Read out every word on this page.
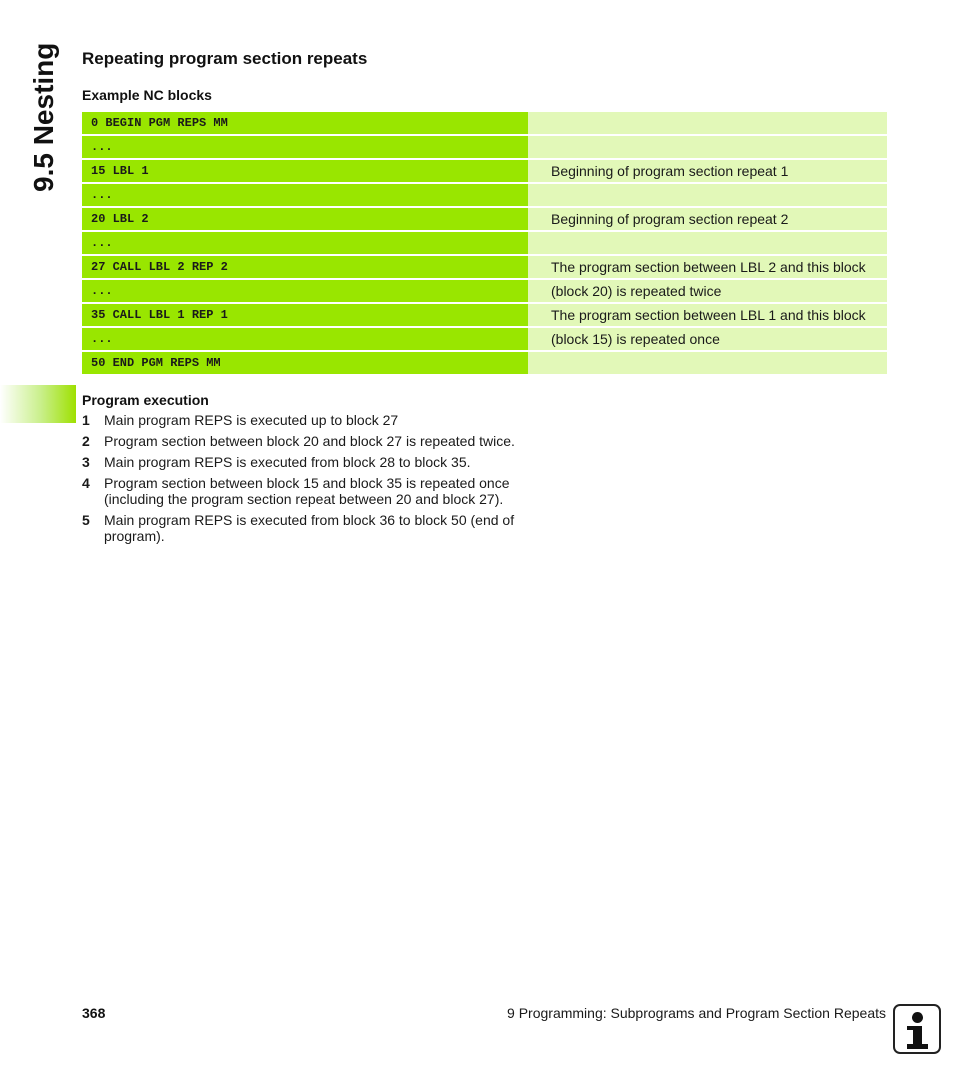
9.5 Nesting Repeating program section repeats
Example NC blocks
0 BEGIN PGM REPS MM
...
15 LBL 1	Beginning of program section repeat 1
...
20 LBL 2	Beginning of program section repeat 2
...
27 CALL LBL 2 REP 2	The program section between LBL 2 and this block
...	(block 20) is repeated twice
35 CALL LBL 1 REP 1	The program section between LBL 1 and this block
...	(block 15) is repeated once
50 END PGM REPS MM
Program execution
1	Main program REPS is executed up to block 27
2	Program section between block 20 and block 27 is repeated twice.
3	Main program REPS is executed from block 28 to block 35.
4	Program section between block 15 and block 35 is repeated once (including the program section repeat between 20 and block 27).
5	Main program REPS is executed from block 36 to block 50 (end of program).
368	9 Programming: Subprograms and Program Section Repeats
